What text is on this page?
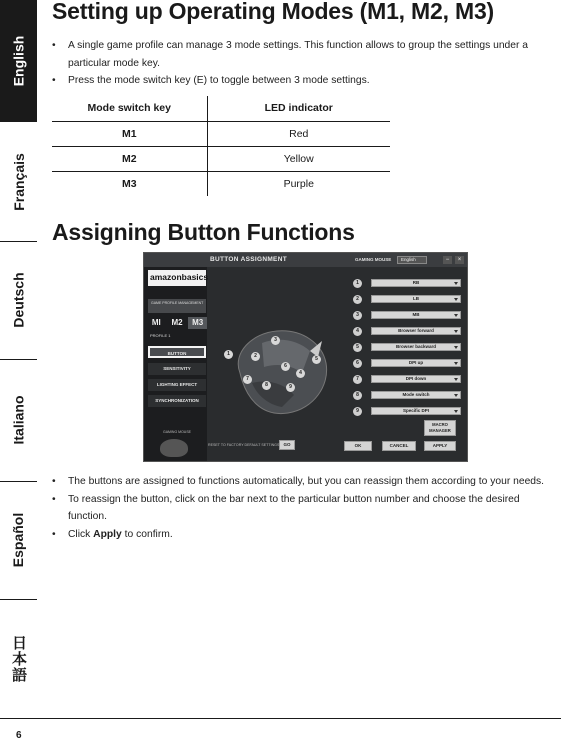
English
Français
Deutsch
Italiano
Español
日本語
Setting up Operating Modes (M1, M2, M3)
• A single game profile can manage 3 mode settings. This function allows to group the settings under a particular mode key.
• Press the mode switch key (E) to toggle between 3 mode settings.
Mode switch key	LED indicator
M1	Red
M2	Yellow
M3	Purple
Assigning Button Functions
BUTTON ASSIGNMENT	GAMING MOUSE	English	−	×
amazonbasics
GAME PROFILE MANAGEMENT
MI	M2	M3
PROFILE 1
BUTTON
SENSITIVITY
LIGHTING EFFECT
SYNCHRONIZATION
GAMING MOUSE
1	2
3
4
5
6
7
8	9
1	RB
2	LB
3	MB
4	Browser forward
5	Browser backward
6	DPI up
7	DPI down
8	Mode switch
9	Specific DPI
MACRO
MANAGER
RESET TO FACTORY DEFAULT SETTINGS GO	OK	CANCEL	APPLY
• The buttons are assigned to functions automatically, but you can reassign them according to your needs.
• To reassign the button, click on the bar next to the particular button number and choose the desired function.
• Click Apply to confirm.
6
